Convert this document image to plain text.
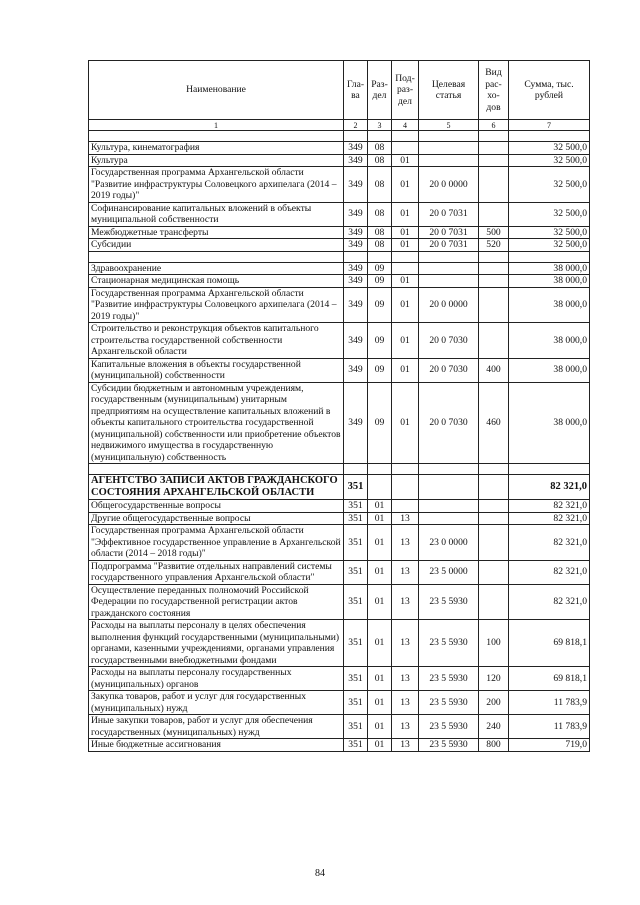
Наименование	Гла-ва	Раз-дел	Под-раз-дел	Целевая статья	Вид рас-хо-дов	Сумма, тыс. рублей
1	2	3	4	5	6	7

Культура, кинематография	349	08				32 500,0
Культура	349	08	01			32 500,0
Государственная программа Архангельской области "Развитие инфраструктуры Соловецкого архипелага (2014 – 2019 годы)"	349	08	01	20 0 0000		32 500,0
Софинансирование капитальных вложений в объекты муниципальной собственности	349	08	01	20 0 7031		32 500,0
Межбюджетные трансферты	349	08	01	20 0 7031	500	32 500,0
Субсидии	349	08	01	20 0 7031	520	32 500,0

Здравоохранение	349	09				38 000,0
Стационарная медицинская помощь	349	09	01			38 000,0
Государственная программа Архангельской области "Развитие инфраструктуры Соловецкого архипелага (2014 – 2019 годы)"	349	09	01	20 0 0000		38 000,0
Строительство и реконструкция объектов капитального строительства государственной собственности Архангельской области	349	09	01	20 0 7030		38 000,0
Капитальные вложения в объекты государственной (муниципальной) собственности	349	09	01	20 0 7030	400	38 000,0
Субсидии бюджетным и автономным учреждениям, государственным (муниципальным) унитарным предприятиям на осуществление капитальных вложений в объекты капитального строительства государственной (муниципальной) собственности или приобретение объектов недвижимого имущества в государственную (муниципальную) собственность	349	09	01	20 0 7030	460	38 000,0

АГЕНТСТВО ЗАПИСИ АКТОВ ГРАЖДАНСКОГО СОСТОЯНИЯ АРХАНГЕЛЬСКОЙ ОБЛАСТИ	351					82 321,0
Общегосударственные вопросы	351	01				82 321,0
Другие общегосударственные вопросы	351	01	13			82 321,0
Государственная программа Архангельской области "Эффективное государственное управление в Архангельской области (2014 – 2018 годы)"	351	01	13	23 0 0000		82 321,0
Подпрограмма "Развитие отдельных направлений системы государственного управления Архангельской области"	351	01	13	23 5 0000		82 321,0
Осуществление переданных полномочий Российской Федерации по государственной регистрации актов гражданского состояния	351	01	13	23 5 5930		82 321,0
Расходы на выплаты персоналу в целях обеспечения выполнения функций государственными (муниципальными) органами, казенными учреждениями, органами управления государственными внебюджетными фондами	351	01	13	23 5 5930	100	69 818,1
Расходы на выплаты персоналу государственных (муниципальных) органов	351	01	13	23 5 5930	120	69 818,1
Закупка товаров, работ и услуг для государственных (муниципальных) нужд	351	01	13	23 5 5930	200	11 783,9
Иные закупки товаров, работ и услуг для обеспечения государственных (муниципальных) нужд	351	01	13	23 5 5930	240	11 783,9
Иные бюджетные ассигнования	351	01	13	23 5 5930	800	719,0
84
